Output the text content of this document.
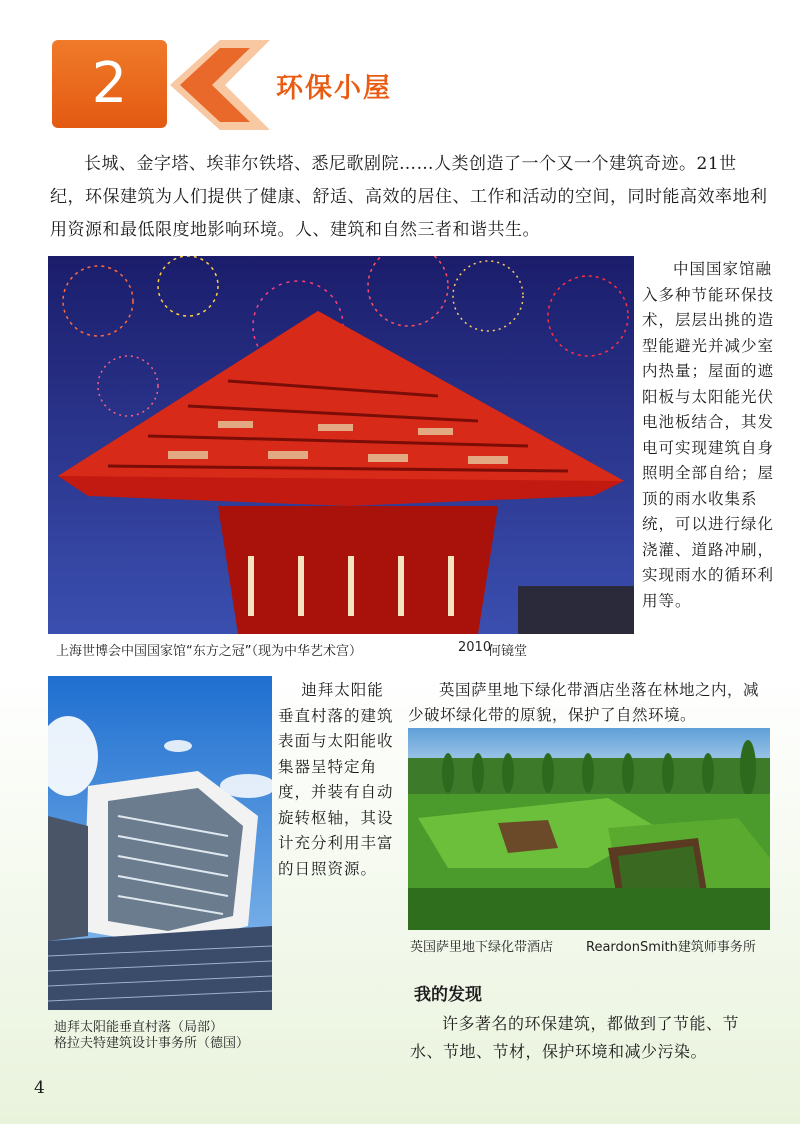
2	环保小屋

长城、金字塔、埃菲尔铁塔、悉尼歌剧院……人类创造了一个又一个建筑奇迹。21世纪，环保建筑为人们提供了健康、舒适、高效的居住、工作和活动的空间，同时能高效率地利用资源和最低限度地影响环境。人、建筑和自然三者和谐共生。

上海世博会中国国家馆“东方之冠”（现为中华艺术宫）	2010
何镜堂

中国国家馆融入多种节能环保技术，层层出挑的造型能避光并减少室内热量；屋面的遮阳板与太阳能光伏电池板结合，其发电可实现建筑自身照明全部自给；屋顶的雨水收集系统，可以进行绿化浇灌、道路冲刷，实现雨水的循环利用等。

迪拜太阳能垂直村落的建筑表面与太阳能收集器呈特定角度，并装有自动旋转枢轴，其设计充分利用丰富的日照资源。

迪拜太阳能垂直村落（局部）
格拉夫特建筑设计事务所（德国）

英国萨里地下绿化带酒店坐落在林地之内，减少破坏绿化带的原貌，保护了自然环境。

英国萨里地下绿化带酒店	ReardonSmith建筑师事务所
我的发现

许多著名的环保建筑，都做到了节能、节水、节地、节材，保护环境和减少污染。

4
